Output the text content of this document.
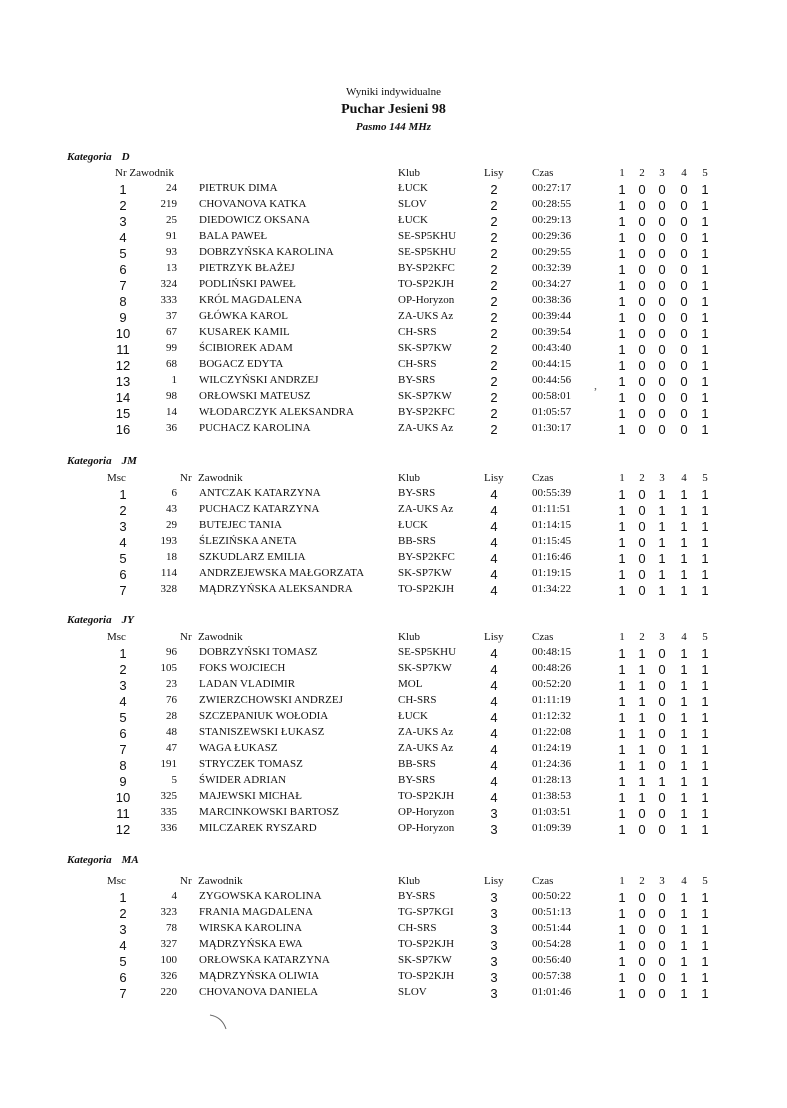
Wyniki indywidualne
Puchar Jesieni 98
Pasmo 144 MHz
Kategoria D
Nr Zawodnik	Klub	Lisy	Czas	1 2 3 4 5
1	24 PIETRUK DIMA	ŁUCK	2	00:27:17	1 0 0 0 1
2	219 CHOVANOVA KATKA	SLOV	2	00:28:55	1 0 0 0 1
3	25 DIEDOWICZ OKSANA	ŁUCK	2	00:29:13	1 0 0 0 1
4	91 BALA PAWEŁ	SE-SP5KHU	2	00:29:36	1 0 0 0 1
5	93 DOBRZYŃSKA KAROLINA	SE-SP5KHU	2	00:29:55	1 0 0 0 1
6	13 PIETRZYK BŁAŻEJ	BY-SP2KFC	2	00:32:39	1 0 0 0 1
7	324 PODLIŃSKI PAWEŁ	TO-SP2KJH	2	00:34:27	1 0 0 0 1
8	333 KRÓL MAGDALENA	OP-Horyzon	2	00:38:36	1 0 0 0 1
9	37 GŁÓWKA KAROL	ZA-UKS Az	2	00:39:44	1 0 0 0 1
10	67 KUSAREK KAMIL	CH-SRS	2	00:39:54	1 0 0 0 1
11	99 ŚCIBIOREK ADAM	SK-SP7KW	2	00:43:40	1 0 0 0 1
12	68 BOGACZ EDYTA	CH-SRS	2	00:44:15	1 0 0 0 1
13	1 WILCZYŃSKI ANDRZEJ	BY-SRS	2	00:44:56	1 0 0 0 1
14	98 ORŁOWSKI MATEUSZ	SK-SP7KW	2	00:58:01	1 0 0 0 1
15	14 WŁODARCZYK ALEKSANDRA	BY-SP2KFC	2	01:05:57	1 0 0 0 1
16	36 PUCHACZ KAROLINA	ZA-UKS Az	2	01:30:17	1 0 0 0 1
Kategoria JM
Msc	Nr Zawodnik	Klub	Lisy	Czas	1 2 3 4 5
1	6 ANTCZAK KATARZYNA	BY-SRS	4	00:55:39	1 0 1 1 1
2	43 PUCHACZ KATARZYNA	ZA-UKS Az	4	01:11:51	1 0 1 1 1
3	29 BUTEJEC TANIA	ŁUCK	4	01:14:15	1 0 1 1 1
4	193 ŚLEZIŃSKA ANETA	BB-SRS	4	01:15:45	1 0 1 1 1
5	18 SZKUDLARZ EMILIA	BY-SP2KFC	4	01:16:46	1 0 1 1 1
6	114 ANDRZEJEWSKA MAŁGORZATA	SK-SP7KW	4	01:19:15	1 0 1 1 1
7	328 MĄDRZYŃSKA ALEKSANDRA	TO-SP2KJH	4	01:34:22	1 0 1 1 1
Kategoria JY
Msc	Nr Zawodnik	Klub	Lisy	Czas	1 2 3 4 5
1	96 DOBRZYŃSKI TOMASZ	SE-SP5KHU	4	00:48:15	1 1 0 1 1
2	105 FOKS WOJCIECH	SK-SP7KW	4	00:48:26	1 1 0 1 1
3	23 LADAN VLADIMIR	MOL	4	00:52:20	1 1 0 1 1
4	76 ZWIERZCHOWSKI ANDRZEJ	CH-SRS	4	01:11:19	1 1 0 1 1
5	28 SZCZEPANIUK WOŁODIA	ŁUCK	4	01:12:32	1 1 0 1 1
6	48 STANISZEWSKI ŁUKASZ	ZA-UKS Az	4	01:22:08	1 1 0 1 1
7	47 WAGA ŁUKASZ	ZA-UKS Az	4	01:24:19	1 1 0 1 1
8	191 STRYCZEK TOMASZ	BB-SRS	4	01:24:36	1 1 0 1 1
9	5 ŚWIDER ADRIAN	BY-SRS	4	01:28:13	1 1 1 1 1
10	325 MAJEWSKI MICHAŁ	TO-SP2KJH	4	01:38:53	1 1 0 1 1
11	335 MARCINKOWSKI BARTOSZ	OP-Horyzon	3	01:03:51	1 0 0 1 1
12	336 MILCZAREK RYSZARD	OP-Horyzon	3	01:09:39	1 0 0 1 1
Kategoria MA
Msc	Nr Zawodnik	Klub	Lisy	Czas	1 2 3 4 5
1	4 ZYGOWSKA KAROLINA	BY-SRS	3	00:50:22	1 0 0 1 1
2	323 FRANIA MAGDALENA	TG-SP7KGI	3	00:51:13	1 0 0 1 1
3	78 WIRSKA KAROLINA	CH-SRS	3	00:51:44	1 0 0 1 1
4	327 MĄDRZYŃSKA EWA	TO-SP2KJH	3	00:54:28	1 0 0 1 1
5	100 ORŁOWSKA KATARZYNA	SK-SP7KW	3	00:56:40	1 0 0 1 1
6	326 MĄDRZYŃSKA OLIWIA	TO-SP2KJH	3	00:57:38	1 0 0 1 1
7	220 CHOVANOVA DANIELA	SLOV	3	01:01:46	1 0 0 1 1
,
